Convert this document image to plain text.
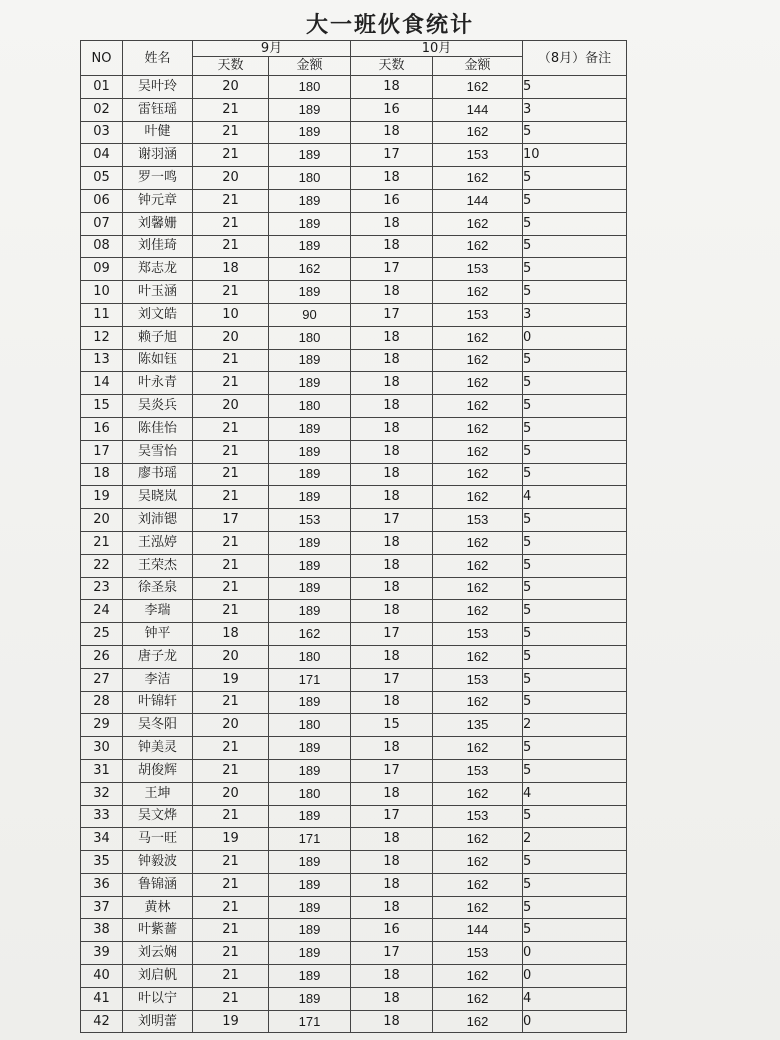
大一班伙食统计
NO	姓名	9月		10月		（8月）备注
		天数	金额	天数	金额	
01	吴叶玲	20	180	18	162	5
02	雷钰瑶	21	189	16	144	3
03	叶健	21	189	18	162	5
04	谢羽涵	21	189	17	153	10
05	罗一鸣	20	180	18	162	5
06	钟元章	21	189	16	144	5
07	刘馨姗	21	189	18	162	5
08	刘佳琦	21	189	18	162	5
09	郑志龙	18	162	17	153	5
10	叶玉涵	21	189	18	162	5
11	刘文皓	10	90	17	153	3
12	赖子旭	20	180	18	162	0
13	陈如钰	21	189	18	162	5
14	叶永青	21	189	18	162	5
15	吴炎兵	20	180	18	162	5
16	陈佳怡	21	189	18	162	5
17	吴雪怡	21	189	18	162	5
18	廖书瑶	21	189	18	162	5
19	吴晓岚	21	189	18	162	4
20	刘沛锶	17	153	17	153	5
21	王泓婷	21	189	18	162	5
22	王荣杰	21	189	18	162	5
23	徐圣泉	21	189	18	162	5
24	李瑞	21	189	18	162	5
25	钟平	18	162	17	153	5
26	唐子龙	20	180	18	162	5
27	李洁	19	171	17	153	5
28	叶锦轩	21	189	18	162	5
29	吴冬阳	20	180	15	135	2
30	钟美灵	21	189	18	162	5
31	胡俊辉	21	189	17	153	5
32	王坤	20	180	18	162	4
33	吴文烨	21	189	17	153	5
34	马一旺	19	171	18	162	2
35	钟毅波	21	189	18	162	5
36	鲁锦涵	21	189	18	162	5
37	黄林	21	189	18	162	5
38	叶紫薔	21	189	16	144	5
39	刘云娴	21	189	17	153	0
40	刘启帆	21	189	18	162	0
41	叶以宁	21	189	18	162	4
42	刘明蕾	19	171	18	162	0
